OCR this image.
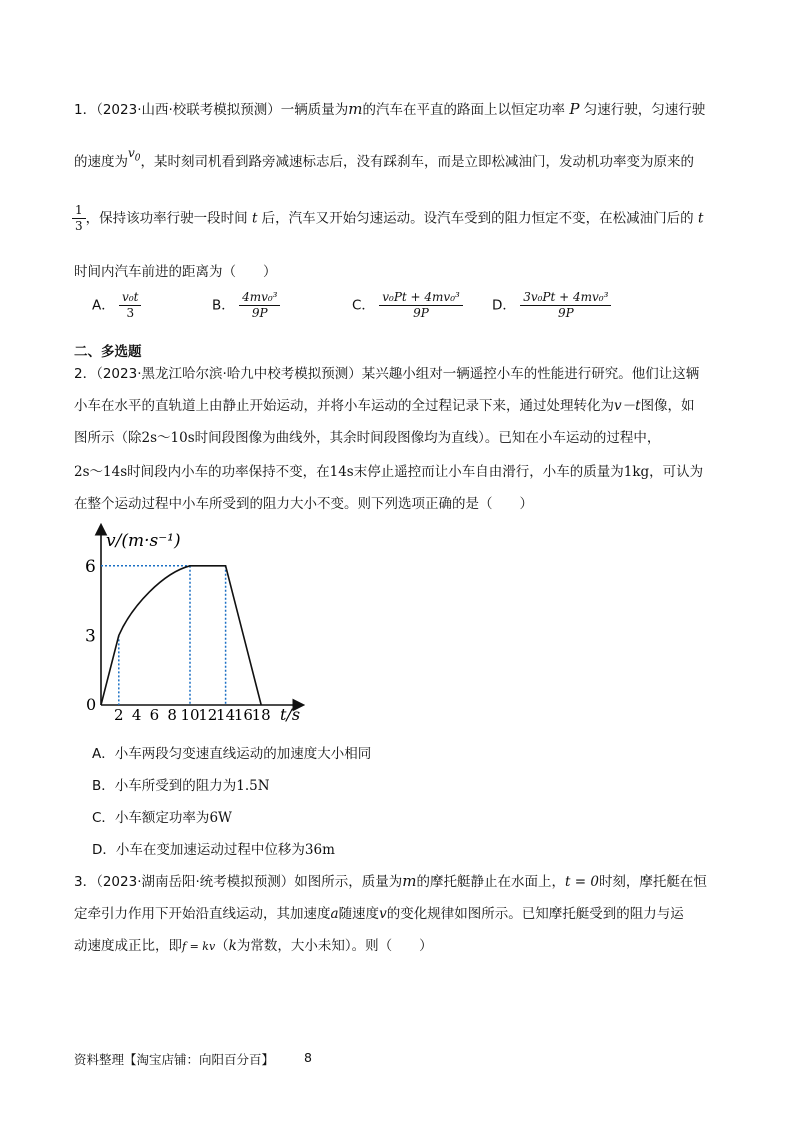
1．（2023·山西·校联考模拟预测）一辆质量为m的汽车在平直的路面上以恒定功率 P 匀速行驶，匀速行驶
的速度为$v_0$，某时刻司机看到路旁减速标志后，没有踩刹车，而是立即松减油门，发动机功率变为原来的
$\frac{1}{3}$ ，保持该功率行驶一段时间 t 后，汽车又开始匀速运动。设汽车受到的阻力恒定不变，在松减油门后的 t
时间内汽车前进的距离为（　　）
A． $\frac{\text{v₀t}}{3}$	B． $\frac{\text{4mv₀³}}{9P}$	C． $\frac{\text{v₀Pt + 4mv₀³}}{9P}$ D． $\frac{\text{3v₀Pt + 4mv₀³}}{9P}$
二、多选题
2．（2023·黑龙江哈尔滨·哈九中校考模拟预测）某兴趣小组对一辆遥控小车的性能进行研究。他们让这辆
小车在水平的直轨道上由静止开始运动，并将小车运动的全过程记录下来，通过处理转化为v－t图像，如
图所示（除2s～10s时间段图像为曲线外，其余时间段图像均为直线）。已知在小车运动的过程中，
2s～14s时间段内小车的功率保持不变，在14s末停止遥控而让小车自由滑行，小车的质量为1kg，可认为
在整个运动过程中小车所受到的阻力大小不变。则下列选项正确的是（　　）
2 4 6 8 10
12
14
16
18
3
6
v/(m·s⁻¹)
t/s
0
A．小车两段匀变速直线运动的加速度大小相同
B．小车所受到的阻力为1.5N
C．小车额定功率为6W
D．小车在变加速运动过程中位移为36m
3．（2023·湖南岳阳·统考模拟预测）如图所示，质量为m的摩托艇静止在水面上，t = 0时刻，摩托艇在恒
定牵引力作用下开始沿直线运动，其加速度a随速度v的变化规律如图所示。已知摩托艇受到的阻力与运
动速度成正比，即f = kv（k为常数，大小未知）。则（　　）
资料整理【淘宝店铺：向阳百分百】 8
